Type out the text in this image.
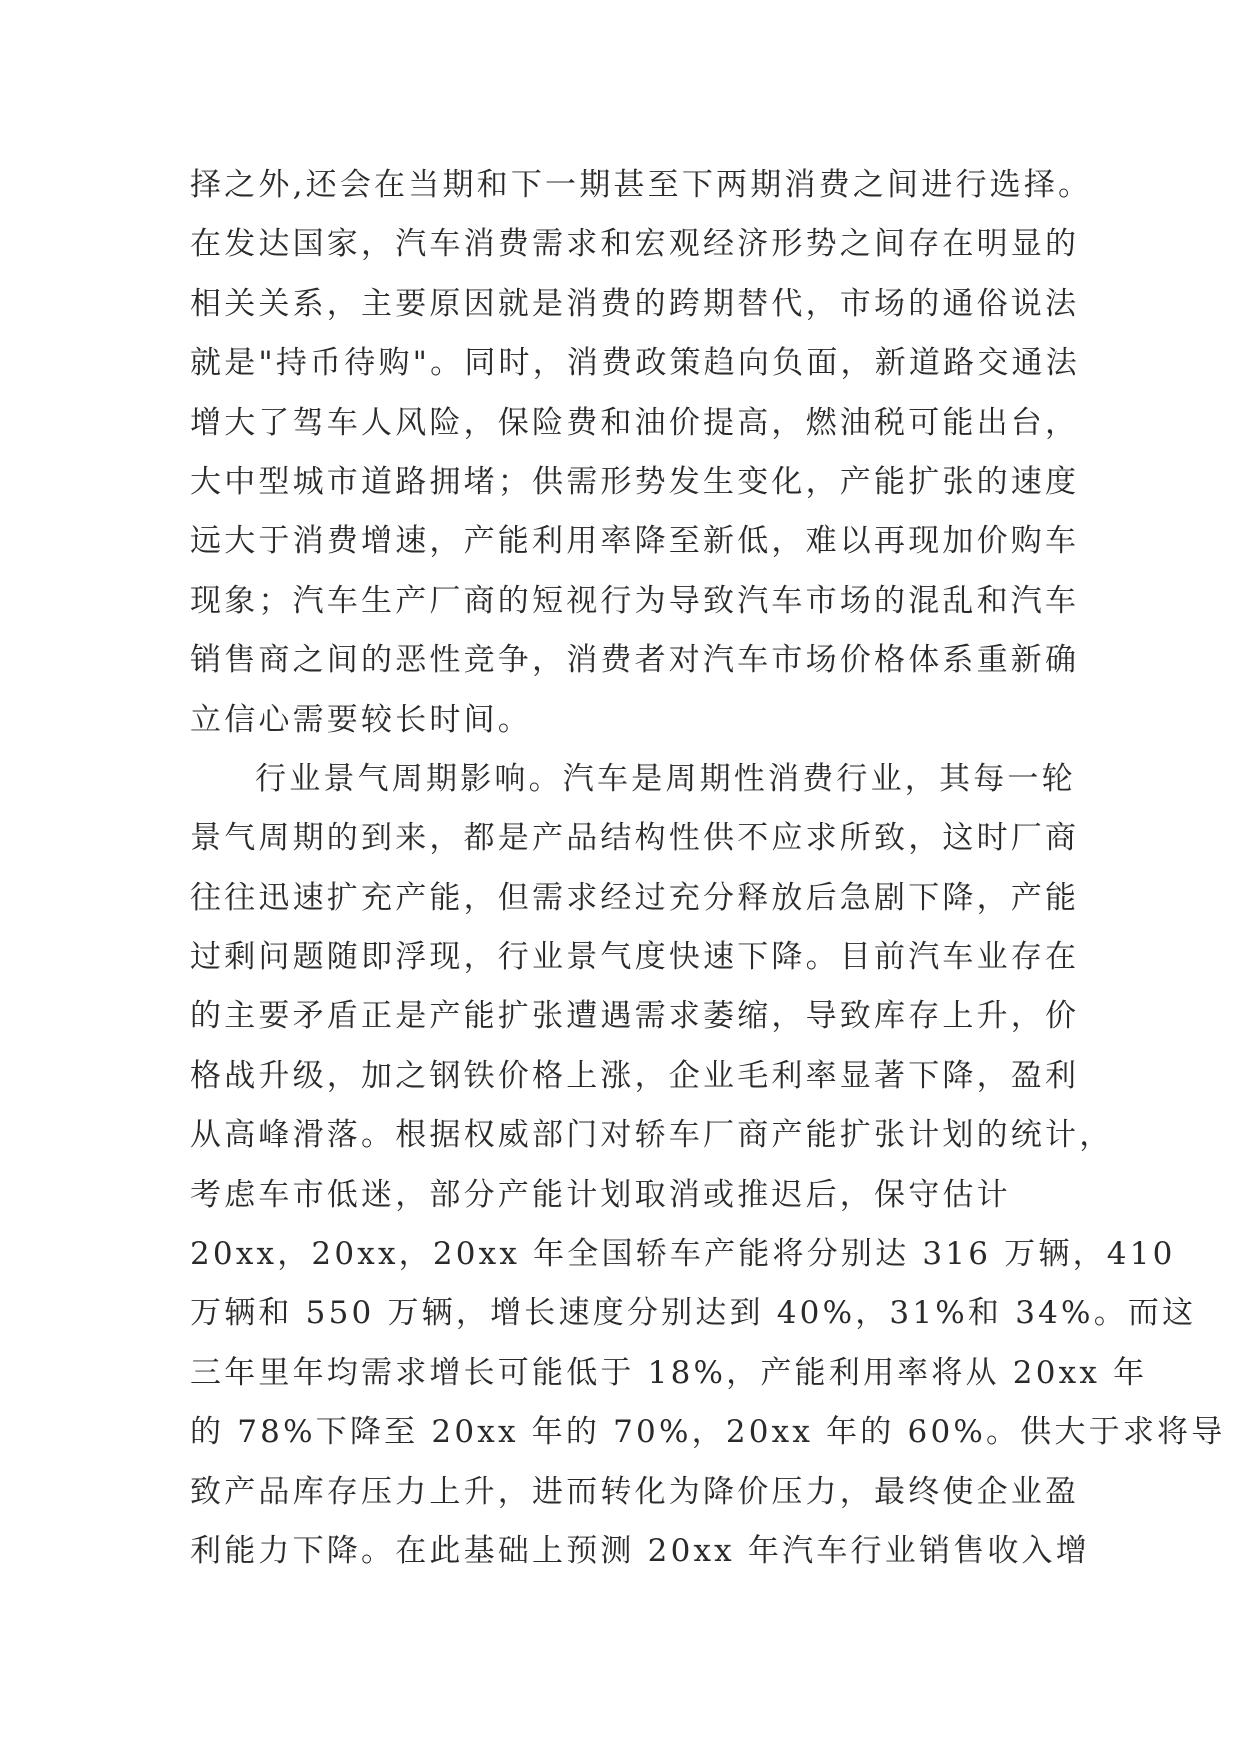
择之外,还会在当期和下一期甚至下两期消费之间进行选择。
在发达国家，汽车消费需求和宏观经济形势之间存在明显的
相关关系，主要原因就是消费的跨期替代，市场的通俗说法
就是"持币待购"。同时，消费政策趋向负面，新道路交通法
增大了驾车人风险，保险费和油价提高，燃油税可能出台，
大中型城市道路拥堵；供需形势发生变化，产能扩张的速度
远大于消费增速，产能利用率降至新低，难以再现加价购车
现象；汽车生产厂商的短视行为导致汽车市场的混乱和汽车
销售商之间的恶性竞争，消费者对汽车市场价格体系重新确
立信心需要较长时间。
行业景气周期影响。汽车是周期性消费行业，其每一轮
景气周期的到来，都是产品结构性供不应求所致，这时厂商
往往迅速扩充产能，但需求经过充分释放后急剧下降，产能
过剩问题随即浮现，行业景气度快速下降。目前汽车业存在
的主要矛盾正是产能扩张遭遇需求萎缩，导致库存上升，价
格战升级，加之钢铁价格上涨，企业毛利率显著下降，盈利
从高峰滑落。根据权威部门对轿车厂商产能扩张计划的统计，
考虑车市低迷，部分产能计划取消或推迟后，保守估计
20xx，20xx，20xx 年全国轿车产能将分别达 316 万辆，410
万辆和 550 万辆，增长速度分别达到 40%，31%和 34%。而这
三年里年均需求增长可能低于 18%，产能利用率将从 20xx 年
的 78%下降至 20xx 年的 70%，20xx 年的 60%。供大于求将导
致产品库存压力上升，进而转化为降价压力，最终使企业盈
利能力下降。在此基础上预测 20xx 年汽车行业销售收入增
